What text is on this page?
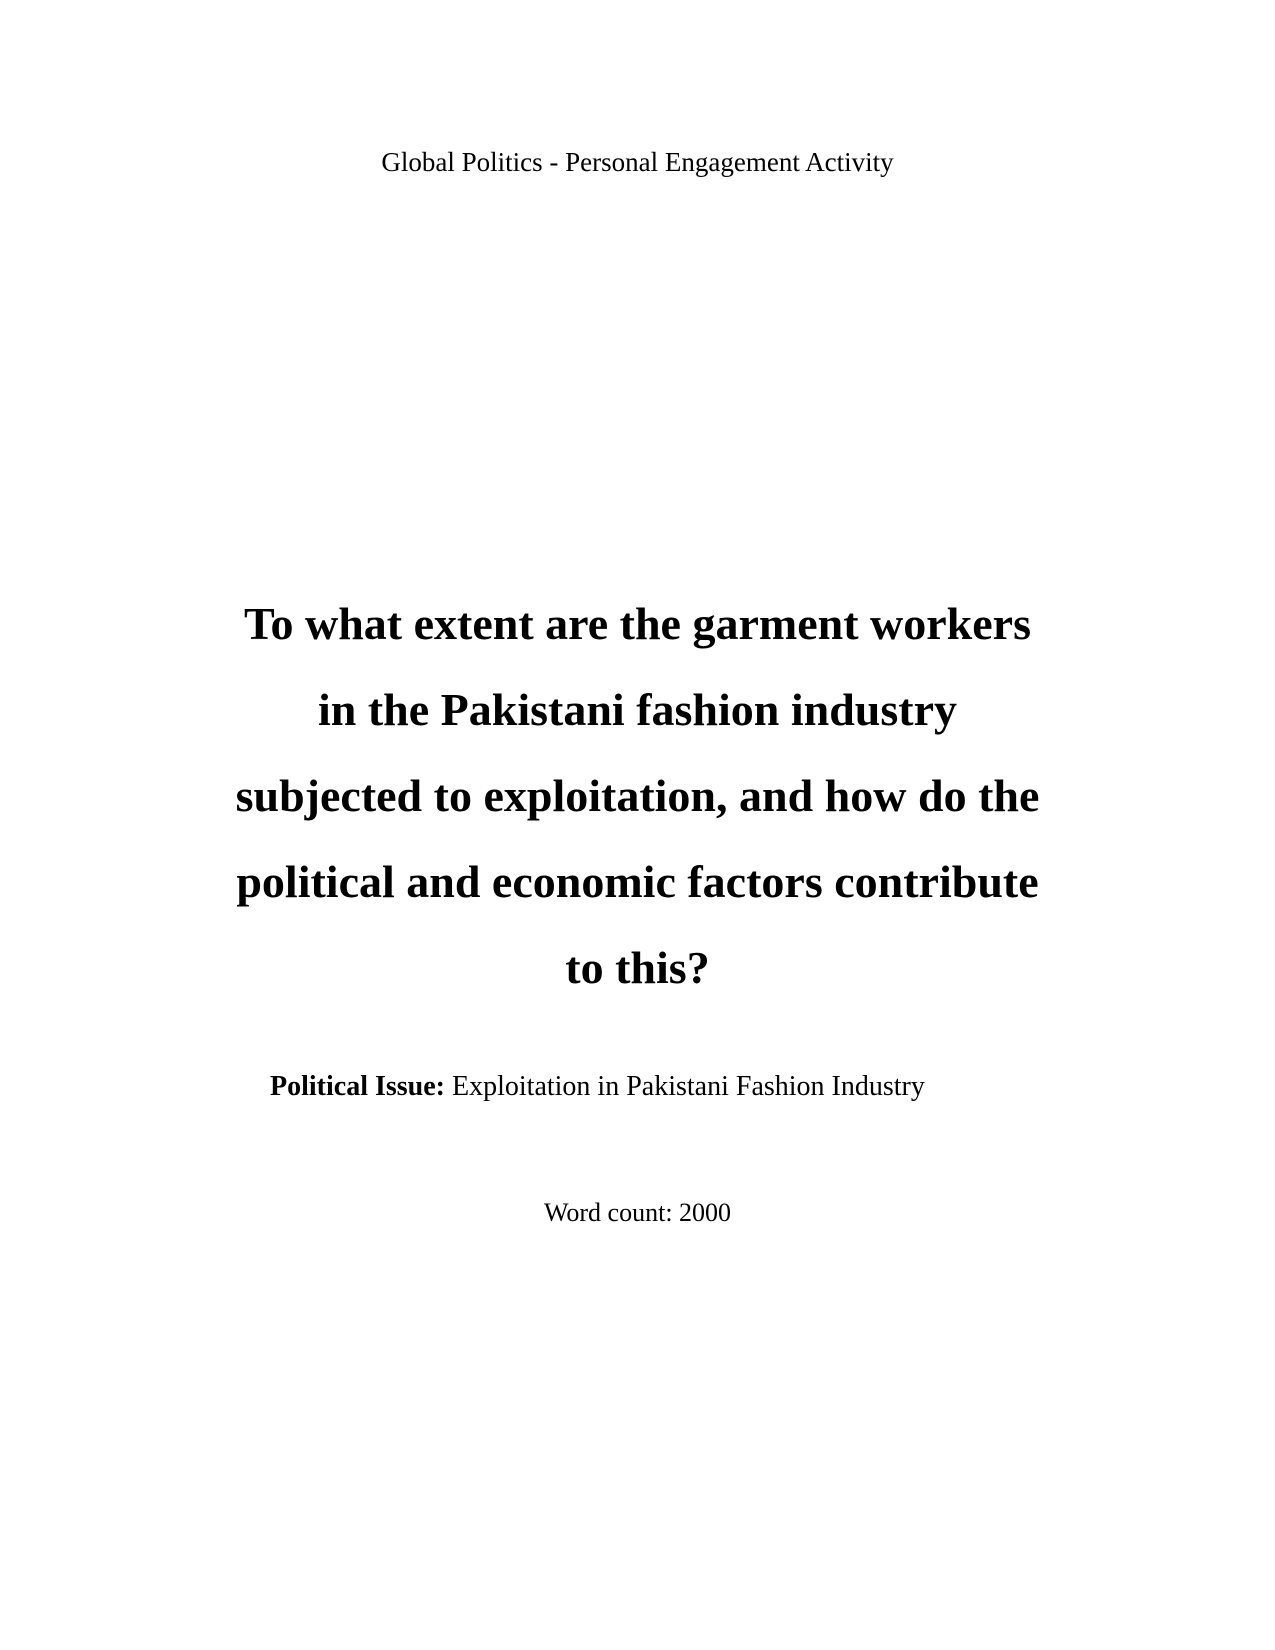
Global Politics - Personal Engagement Activity
To what extent are the garment workers
in the Pakistani fashion industry
subjected to exploitation, and how do the
political and economic factors contribute
to this?
Political Issue: Exploitation in Pakistani Fashion Industry
Word count: 2000
